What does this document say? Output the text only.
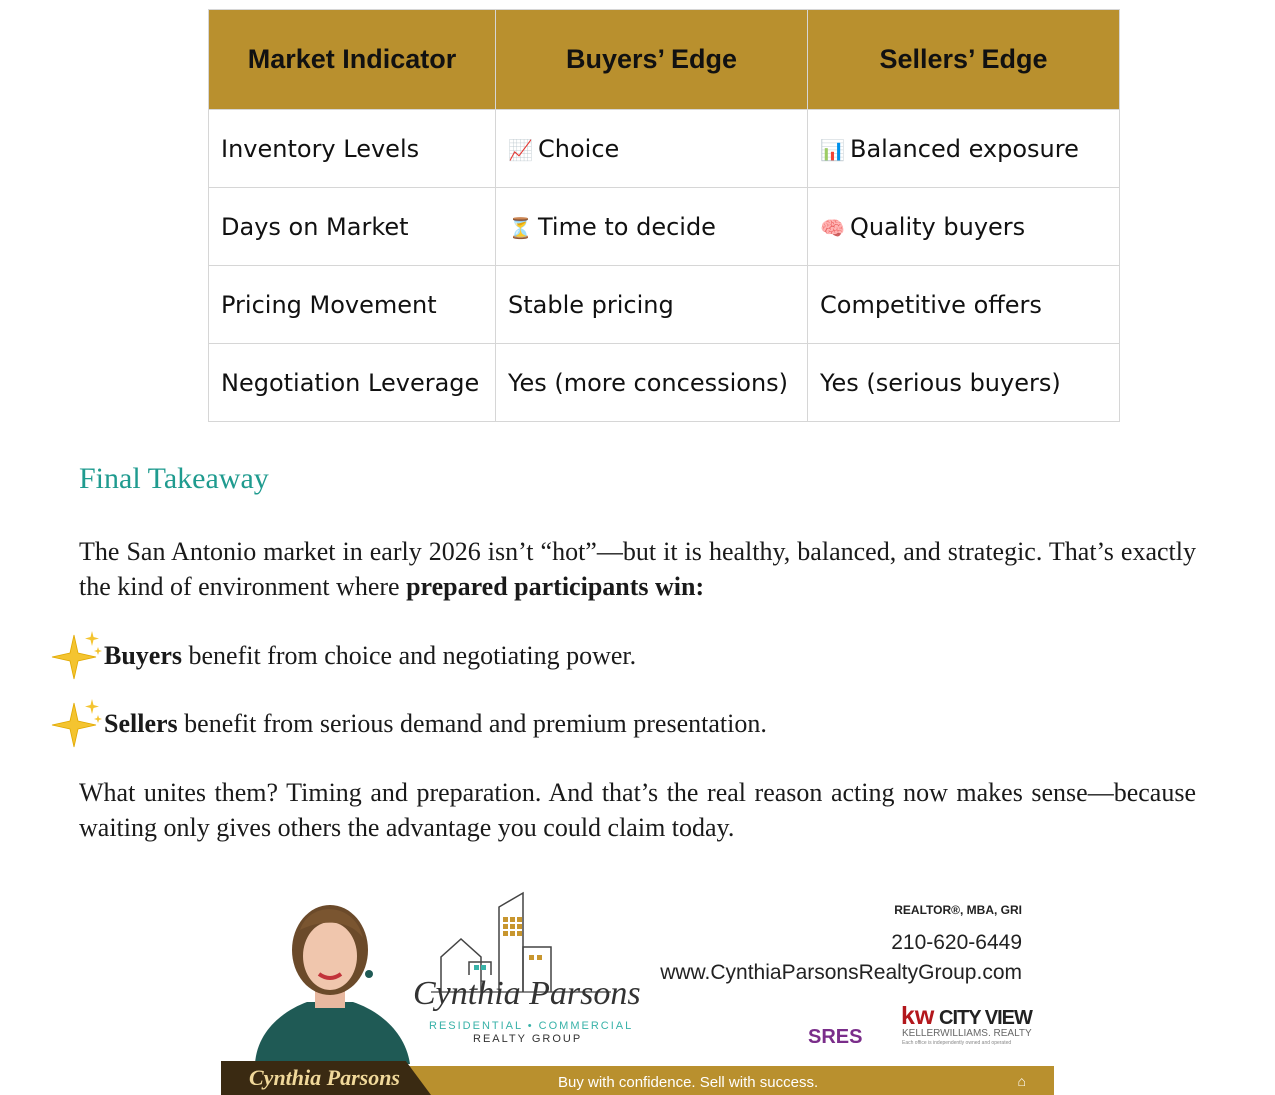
Market Indicator	Buyers’ Edge	Sellers’ Edge
Inventory Levels	📈 Choice	📊 Balanced exposure
Days on Market	⏳ Time to decide	🧠 Quality buyers
Pricing Movement	Stable pricing	Competitive offers
Negotiation Leverage	Yes (more concessions)	Yes (serious buyers)
Final Takeaway

The San Antonio market in early 2026 isn’t “hot”—but it is healthy, balanced, and strategic. That’s exactly the kind of environment where prepared participants win:

Buyers benefit from choice and negotiating power.
Sellers benefit from serious demand and premium presentation.

What unites them? Timing and preparation. And that’s the real reason acting now makes sense—because waiting only gives others the advantage you could claim today.

Cynthia Parsons
RESIDENTIAL • COMMERCIAL
REALTY GROUP
REALTOR®, MBA, GRI
210-620-6449
www.CynthiaParsonsRealtyGroup.com
SRES
kw CITY VIEW
KELLERWILLIAMS. REALTY
Each office is independently owned and operated
Cynthia Parsons	Buy with confidence. Sell with success.	⌂
